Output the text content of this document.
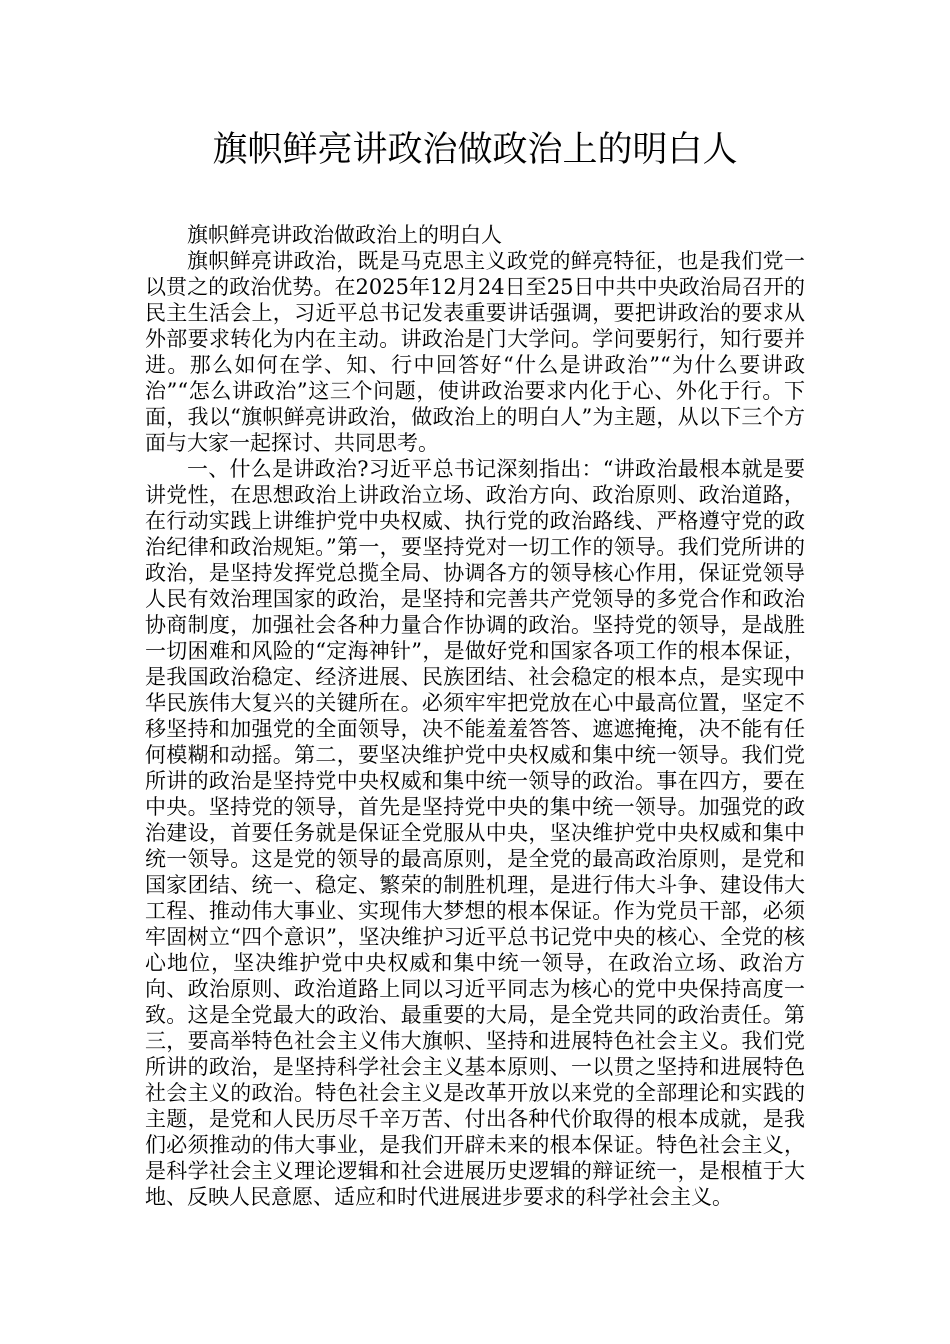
旗帜鲜亮讲政治做政治上的明白人

旗帜鲜亮讲政治做政治上的明白人

旗帜鲜亮讲政治，既是马克思主义政党的鲜亮特征，也是我们党一以贯之的政治优势。在2025年12月24日至25日中共中央政治局召开的民主生活会上，习近平总书记发表重要讲话强调，要把讲政治的要求从外部要求转化为内在主动。讲政治是门大学问。学问要躬行，知行要并进。那么如何在学、知、行中回答好“什么是讲政治”“为什么要讲政治”“怎么讲政治”这三个问题，使讲政治要求内化于心、外化于行。下面，我以“旗帜鲜亮讲政治，做政治上的明白人”为主题，从以下三个方面与大家一起探讨、共同思考。

一、什么是讲政治?习近平总书记深刻指出：“讲政治最根本就是要讲党性，在思想政治上讲政治立场、政治方向、政治原则、政治道路，在行动实践上讲维护党中央权威、执行党的政治路线、严格遵守党的政治纪律和政治规矩。”第一，要坚持党对一切工作的领导。我们党所讲的政治，是坚持发挥党总揽全局、协调各方的领导核心作用，保证党领导人民有效治理国家的政治，是坚持和完善共产党领导的多党合作和政治协商制度，加强社会各种力量合作协调的政治。坚持党的领导，是战胜一切困难和风险的“定海神针”，是做好党和国家各项工作的根本保证，是我国政治稳定、经济进展、民族团结、社会稳定的根本点，是实现中华民族伟大复兴的关键所在。必须牢牢把党放在心中最高位置，坚定不移坚持和加强党的全面领导，决不能羞羞答答、遮遮掩掩，决不能有任何模糊和动摇。第二，要坚决维护党中央权威和集中统一领导。我们党所讲的政治是坚持党中央权威和集中统一领导的政治。事在四方，要在中央。坚持党的领导，首先是坚持党中央的集中统一领导。加强党的政治建设，首要任务就是保证全党服从中央，坚决维护党中央权威和集中统一领导。这是党的领导的最高原则，是全党的最高政治原则，是党和国家团结、统一、稳定、繁荣的制胜机理，是进行伟大斗争、建设伟大工程、推动伟大事业、实现伟大梦想的根本保证。作为党员干部，必须牢固树立“四个意识”，坚决维护习近平总书记党中央的核心、全党的核心地位，坚决维护党中央权威和集中统一领导，在政治立场、政治方向、政治原则、政治道路上同以习近平同志为核心的党中央保持高度一致。这是全党最大的政治、最重要的大局，是全党共同的政治责任。第三，要高举特色社会主义伟大旗帜、坚持和进展特色社会主义。我们党所讲的政治，是坚持科学社会主义基本原则、一以贯之坚持和进展特色社会主义的政治。特色社会主义是改革开放以来党的全部理论和实践的主题，是党和人民历尽千辛万苦、付出各种代价取得的根本成就，是我们必须推动的伟大事业，是我们开辟未来的根本保证。特色社会主义，是科学社会主义理论逻辑和社会进展历史逻辑的辩证统一，是根植于大地、反映人民意愿、适应和时代进展进步要求的科学社会主义。
